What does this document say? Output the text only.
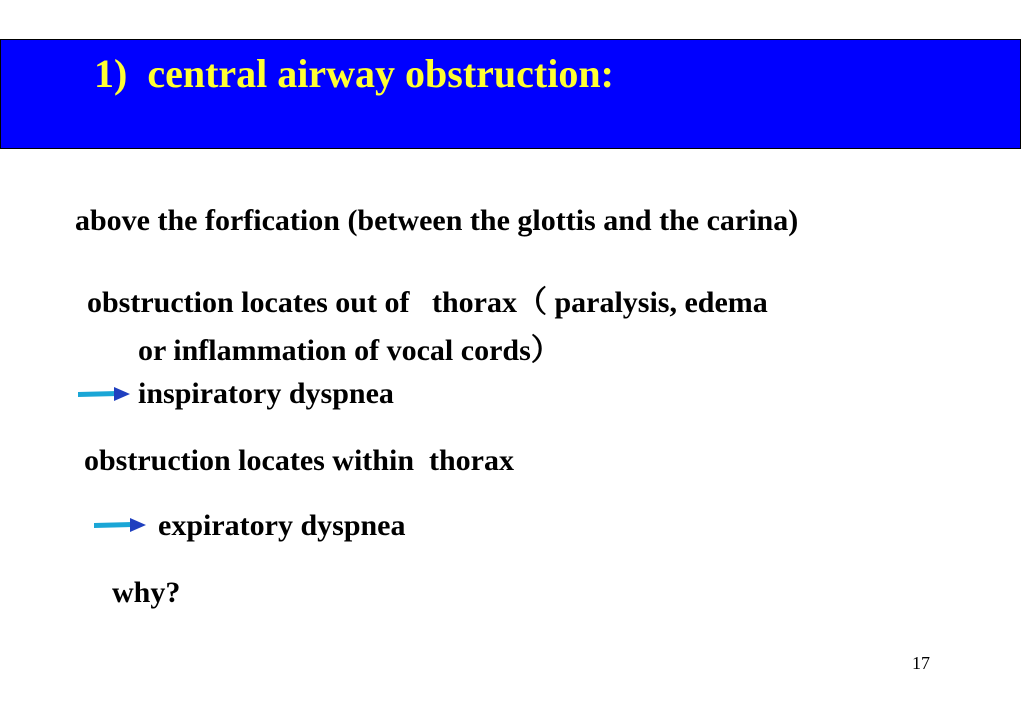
1)  central airway obstruction:
above the forfication (between the glottis and the carina)
obstruction locates out of   thorax（ paralysis, edema
or inflammation of vocal cords）
inspiratory dyspnea
obstruction locates within  thorax
expiratory dyspnea
why?
17
